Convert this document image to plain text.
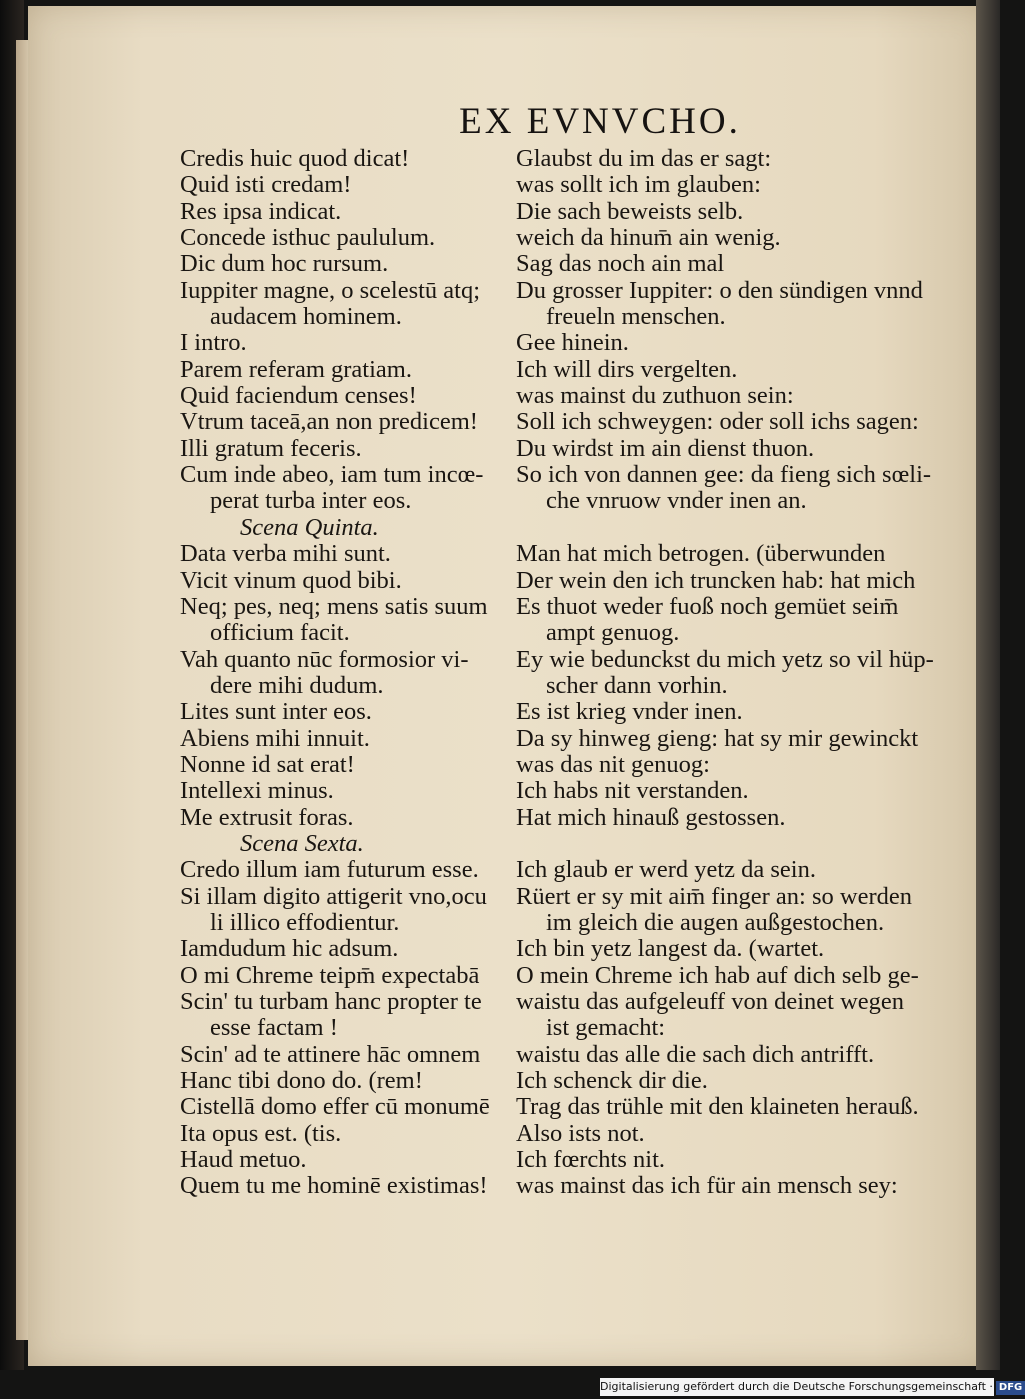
EX EVNVCHO.
Credis huic quod dicat!
Quid isti credam!
Res ipsa indicat.
Concede isthuc paululum.
Dic dum hoc rursum.
Iuppiter magne, o scelestū atq;
audacem hominem.
I intro.
Parem referam gratiam.
Quid faciendum censes!
Vtrum taceā,an non predicem!
Illi gratum feceris.
Cum inde abeo, iam tum incœ-
perat turba inter eos.
Scena Quinta.
Data verba mihi sunt.
Vicit vinum quod bibi.
Neq; pes, neq; mens satis suum
officium facit.
Vah quanto nūc formosior vi-
dere mihi dudum.
Lites sunt inter eos.
Abiens mihi innuit.
Nonne id sat erat!
Intellexi minus.
Me extrusit foras.
Scena Sexta.
Credo illum iam futurum esse.
Si illam digito attigerit vno,ocu
li illico effodientur.
Iamdudum hic adsum.
O mi Chreme teipm̄ expectabā
Scin' tu turbam hanc propter te
esse factam !
Scin' ad te attinere hāc omnem
Hanc tibi dono do. (rem!
Cistellā domo effer cū monumē
Ita opus est. (tis.
Haud metuo.
Quem tu me hominē existimas!
Glaubst du im das er sagt:
was sollt ich im glauben:
Die sach beweists selb.
weich da hinum̄ ain wenig.
Sag das noch ain mal
Du grosser Iuppiter: o den sündigen vnnd
freueln menschen.
Gee hinein.
Ich will dirs vergelten.
was mainst du zuthuon sein:
Soll ich schweygen: oder soll ichs sagen:
Du wirdst im ain dienst thuon.
So ich von dannen gee: da fieng sich sœli-
che vnruow vnder inen an.
Man hat mich betrogen. (überwunden
Der wein den ich truncken hab: hat mich
Es thuot weder fuoß noch gemüet seim̄
ampt genuog.
Ey wie bedunckst du mich yetz so vil hüp-
scher dann vorhin.
Es ist krieg vnder inen.
Da sy hinweg gieng: hat sy mir gewinckt
was das nit genuog:
Ich habs nit verstanden.
Hat mich hinauß gestossen.
Ich glaub er werd yetz da sein.
Rüert er sy mit aim̄ finger an: so werden
im gleich die augen außgestochen.
Ich bin yetz langest da. (wartet.
O mein Chreme ich hab auf dich selb ge-
waistu das aufgeleuff von deinet wegen
ist gemacht:
waistu das alle die sach dich antrifft.
Ich schenck dir die.
Trag das trühle mit den klaineten herauß.
Also ists not.
Ich fœrchts nit.
was mainst das ich für ain mensch sey:
Digitalisierung gefördert durch die Deutsche Forschungsgemeinschaft · DFG
